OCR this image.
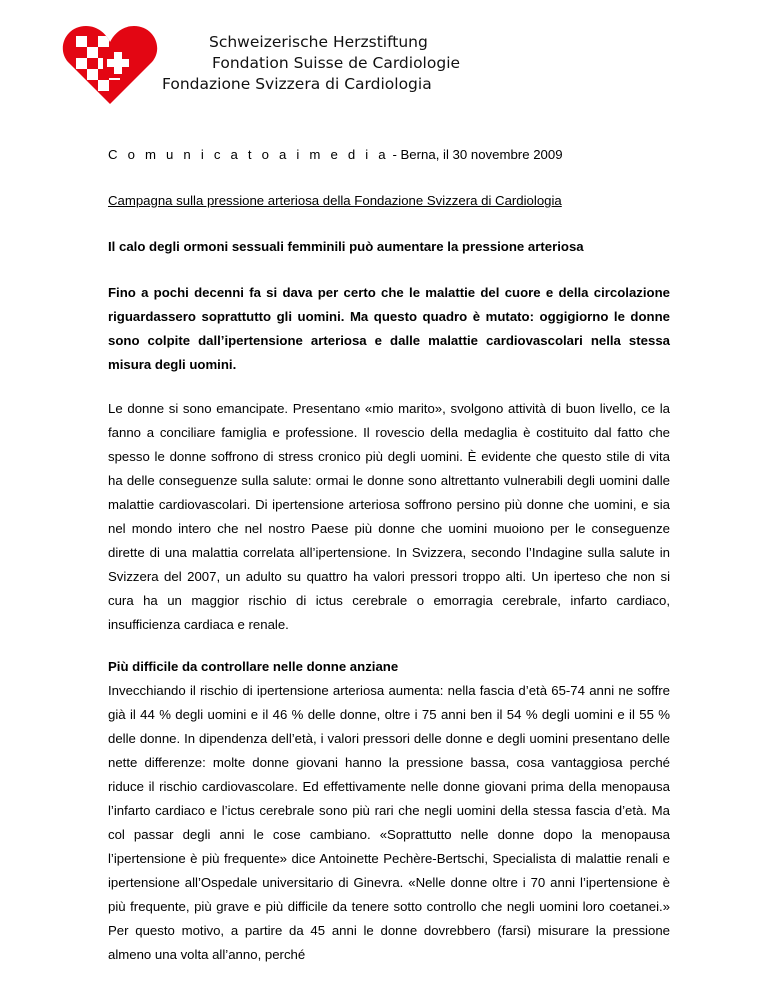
Schweizerische Herzstiftung
Fondation Suisse de Cardiologie
Fondazione Svizzera di Cardiologia
C o m u n i c a t o a i m e d i a - Berna, il 30 novembre 2009
Campagna sulla pressione arteriosa della Fondazione Svizzera di Cardiologia
Il calo degli ormoni sessuali femminili può aumentare la pressione arteriosa
Fino a pochi decenni fa si dava per certo che le malattie del cuore e della circolazione riguardassero soprattutto gli uomini. Ma questo quadro è mutato: oggigiorno le donne sono colpite dall’ipertensione arteriosa e dalle malattie cardiovascolari nella stessa misura degli uomini.
Le donne si sono emancipate. Presentano «mio marito», svolgono attività di buon livello, ce la fanno a conciliare famiglia e professione. Il rovescio della medaglia è costituito dal fatto che spesso le donne soffrono di stress cronico più degli uomini. È evidente che questo stile di vita ha delle conseguenze sulla salute: ormai le donne sono altrettanto vulnerabili degli uomini dalle malattie cardiovascolari. Di ipertensione arteriosa soffrono persino più donne che uomini, e sia nel mondo intero che nel nostro Paese più donne che uomini muoiono per le conseguenze dirette di una malattia correlata all’ipertensione. In Svizzera, secondo l’Indagine sulla salute in Svizzera del 2007, un adulto su quattro ha valori pressori troppo alti. Un iperteso che non si cura ha un maggior rischio di ictus cerebrale o emorragia cerebrale, infarto cardiaco, insufficienza cardiaca e renale.
Più difficile da controllare nelle donne anziane
Invecchiando il rischio di ipertensione arteriosa aumenta: nella fascia d’età 65-74 anni ne soffre già il 44 % degli uomini e il 46 % delle donne, oltre i 75 anni ben il 54 % degli uomini e il 55 % delle donne. In dipendenza dell’età, i valori pressori delle donne e degli uomini presentano delle nette differenze: molte donne giovani hanno la pressione bassa, cosa vantaggiosa perché riduce il rischio cardiovascolare. Ed effettivamente nelle donne giovani prima della menopausa l’infarto cardiaco e l’ictus cerebrale sono più rari che negli uomini della stessa fascia d’età. Ma col passar degli anni le cose cambiano. «Soprattutto nelle donne dopo la menopausa l’ipertensione è più frequente» dice Antoinette Pechère-Bertschi, Specialista di malattie renali e ipertensione all’Ospedale universitario di Ginevra. «Nelle donne oltre i 70 anni l’ipertensione è più frequente, più grave e più difficile da tenere sotto controllo che negli uomini loro coetanei.» Per questo motivo, a partire da 45 anni le donne dovrebbero (farsi) misurare la pressione almeno una volta all’anno, perché
